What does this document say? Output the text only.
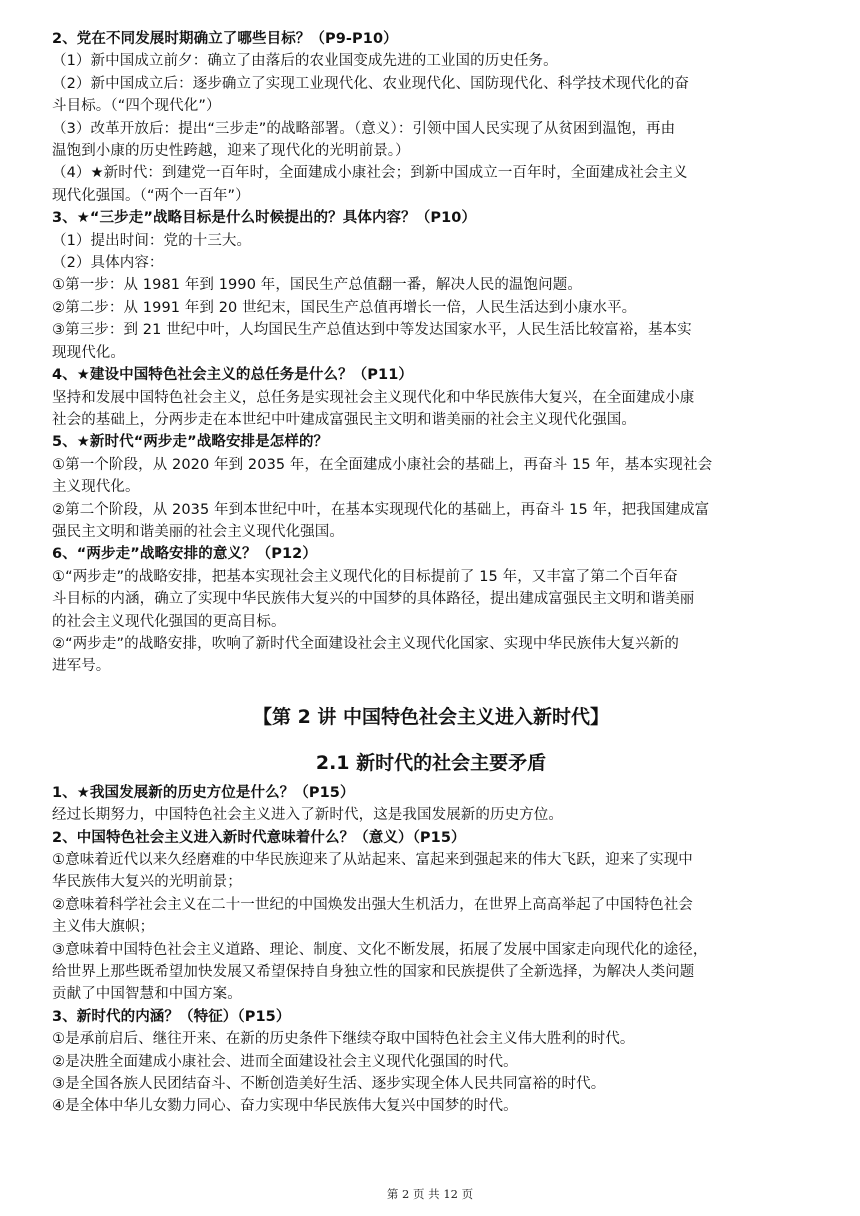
2、党在不同发展时期确立了哪些目标？（P9-P10）
（1）新中国成立前夕：确立了由落后的农业国变成先进的工业国的历史任务。
（2）新中国成立后：逐步确立了实现工业现代化、农业现代化、国防现代化、科学技术现代化的奋
斗目标。（“四个现代化”）
（3）改革开放后：提出“三步走”的战略部署。（意义）：引领中国人民实现了从贫困到温饱，再由
温饱到小康的历史性跨越，迎来了现代化的光明前景。）
（4）★新时代：到建党一百年时，全面建成小康社会；到新中国成立一百年时，全面建成社会主义
现代化强国。（“两个一百年”）
3、★“三步走”战略目标是什么时候提出的？具体内容？（P10）
（1）提出时间：党的十三大。
（2）具体内容：
①第一步：从 1981 年到 1990 年，国民生产总值翻一番，解决人民的温饱问题。
②第二步：从 1991 年到 20 世纪末，国民生产总值再增长一倍，人民生活达到小康水平。
③第三步：到 21 世纪中叶，人均国民生产总值达到中等发达国家水平，人民生活比较富裕，基本实
现现代化。
4、★建设中国特色社会主义的总任务是什么？（P11）
坚持和发展中国特色社会主义，总任务是实现社会主义现代化和中华民族伟大复兴，在全面建成小康
社会的基础上，分两步走在本世纪中叶建成富强民主文明和谐美丽的社会主义现代化强国。
5、★新时代“两步走”战略安排是怎样的？
①第一个阶段，从 2020 年到 2035 年，在全面建成小康社会的基础上，再奋斗 15 年，基本实现社会
主义现代化。
②第二个阶段，从 2035 年到本世纪中叶，在基本实现现代化的基础上，再奋斗 15 年，把我国建成富
强民主文明和谐美丽的社会主义现代化强国。
6、“两步走”战略安排的意义？（P12）
①“两步走”的战略安排，把基本实现社会主义现代化的目标提前了 15 年，又丰富了第二个百年奋
斗目标的内涵，确立了实现中华民族伟大复兴的中国梦的具体路径，提出建成富强民主文明和谐美丽
的社会主义现代化强国的更高目标。
②“两步走”的战略安排，吹响了新时代全面建设社会主义现代化国家、实现中华民族伟大复兴新的
进军号。
【第 2 讲 中国特色社会主义进入新时代】
2.1 新时代的社会主要矛盾
1、★我国发展新的历史方位是什么？（P15）
经过长期努力，中国特色社会主义进入了新时代，这是我国发展新的历史方位。
2、中国特色社会主义进入新时代意味着什么？（意义）（P15）
①意味着近代以来久经磨难的中华民族迎来了从站起来、富起来到强起来的伟大飞跃，迎来了实现中
华民族伟大复兴的光明前景；
②意味着科学社会主义在二十一世纪的中国焕发出强大生机活力，在世界上高高举起了中国特色社会
主义伟大旗帜；
③意味着中国特色社会主义道路、理论、制度、文化不断发展，拓展了发展中国家走向现代化的途径，
给世界上那些既希望加快发展又希望保持自身独立性的国家和民族提供了全新选择，为解决人类问题
贡献了中国智慧和中国方案。
3、新时代的内涵？（特征）（P15）
①是承前启后、继往开来、在新的历史条件下继续夺取中国特色社会主义伟大胜利的时代。
②是决胜全面建成小康社会、进而全面建设社会主义现代化强国的时代。
③是全国各族人民团结奋斗、不断创造美好生活、逐步实现全体人民共同富裕的时代。
④是全体中华儿女勠力同心、奋力实现中华民族伟大复兴中国梦的时代。
第 2 页 共 12 页
